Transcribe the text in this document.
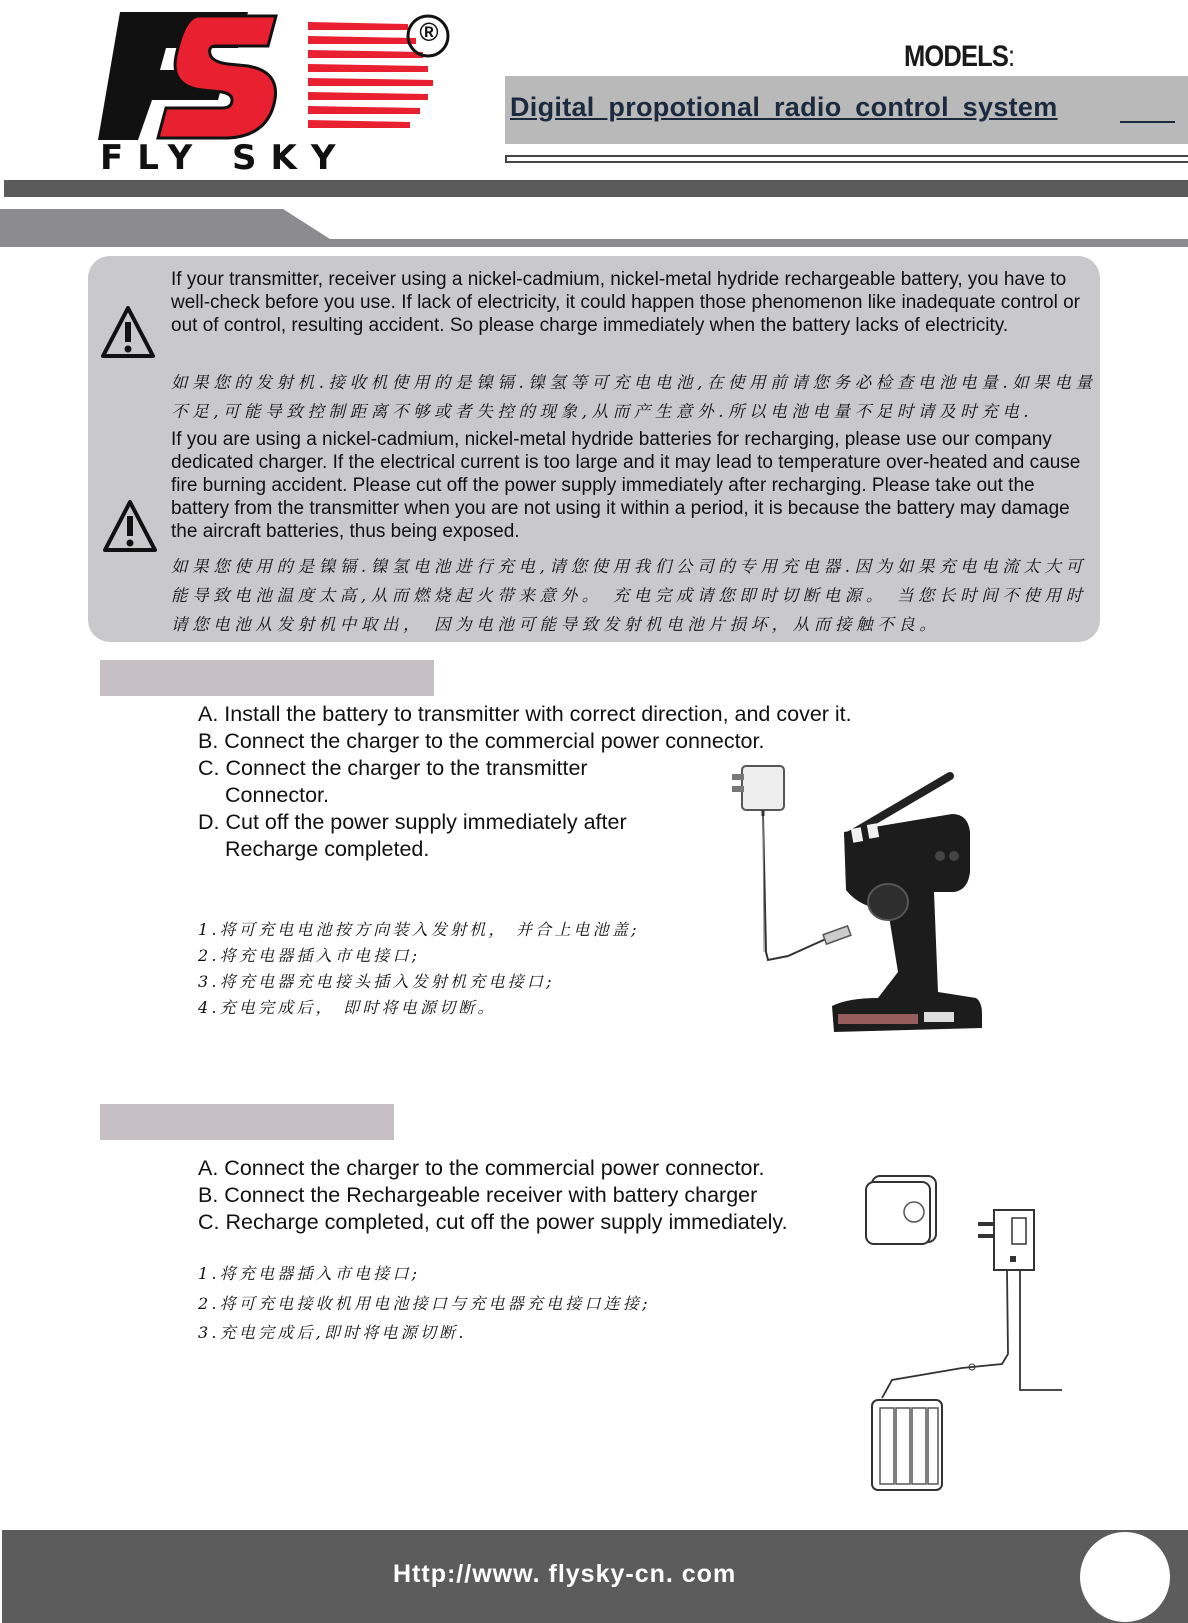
®
FLY SKY
MODELS:
Digital propotional radio control system
If your transmitter, receiver using a nickel-cadmium, nickel-metal hydride rechargeable battery, you have to well-check before you use. If lack of electricity, it could happen those phenomenon like inadequate control or out of control, resulting accident. So please charge immediately when the battery lacks of electricity.
如果您的发射机.接收机使用的是镍镉.镍氢等可充电电池,在使用前请您务必检查电池电量.如果电量不足,可能导致控制距离不够或者失控的现象,从而产生意外.所以电池电量不足时请及时充电.
If you are using a nickel-cadmium, nickel-metal hydride batteries for recharging, please use our company dedicated charger. If the electrical current is too large and it may lead to temperature over-heated and cause fire burning accident. Please cut off the power supply immediately after recharging. Please take out the battery from the transmitter when you are not using it within a period, it is because the battery may damage the aircraft batteries, thus being exposed.
如果您使用的是镍镉.镍氢电池进行充电,请您使用我们公司的专用充电器.因为如果充电电流太大可能导致电池温度太高,从而燃烧起火带来意外。 充电完成请您即时切断电源。 当您长时间不使用时请您电池从发射机中取出， 因为电池可能导致发射机电池片损坏，从而接触不良。
A. Install the battery to transmitter with correct direction, and cover it.
B. Connect the charger to the commercial power connector.
C. Connect the charger to the transmitter
Connector.
D. Cut off the power supply immediately after
Recharge completed.
1.将可充电电池按方向装入发射机， 并合上电池盖;
2.将充电器插入市电接口;
3.将充电器充电接头插入发射机充电接口;
4.充电完成后， 即时将电源切断。
A. Connect the charger to the commercial power connector.
B. Connect the Rechargeable receiver with battery charger
C. Recharge completed, cut off the power supply immediately.
1.将充电器插入市电接口;
2.将可充电接收机用电池接口与充电器充电接口连接;
3.充电完成后,即时将电源切断.
Http://www. flysky-cn. com
